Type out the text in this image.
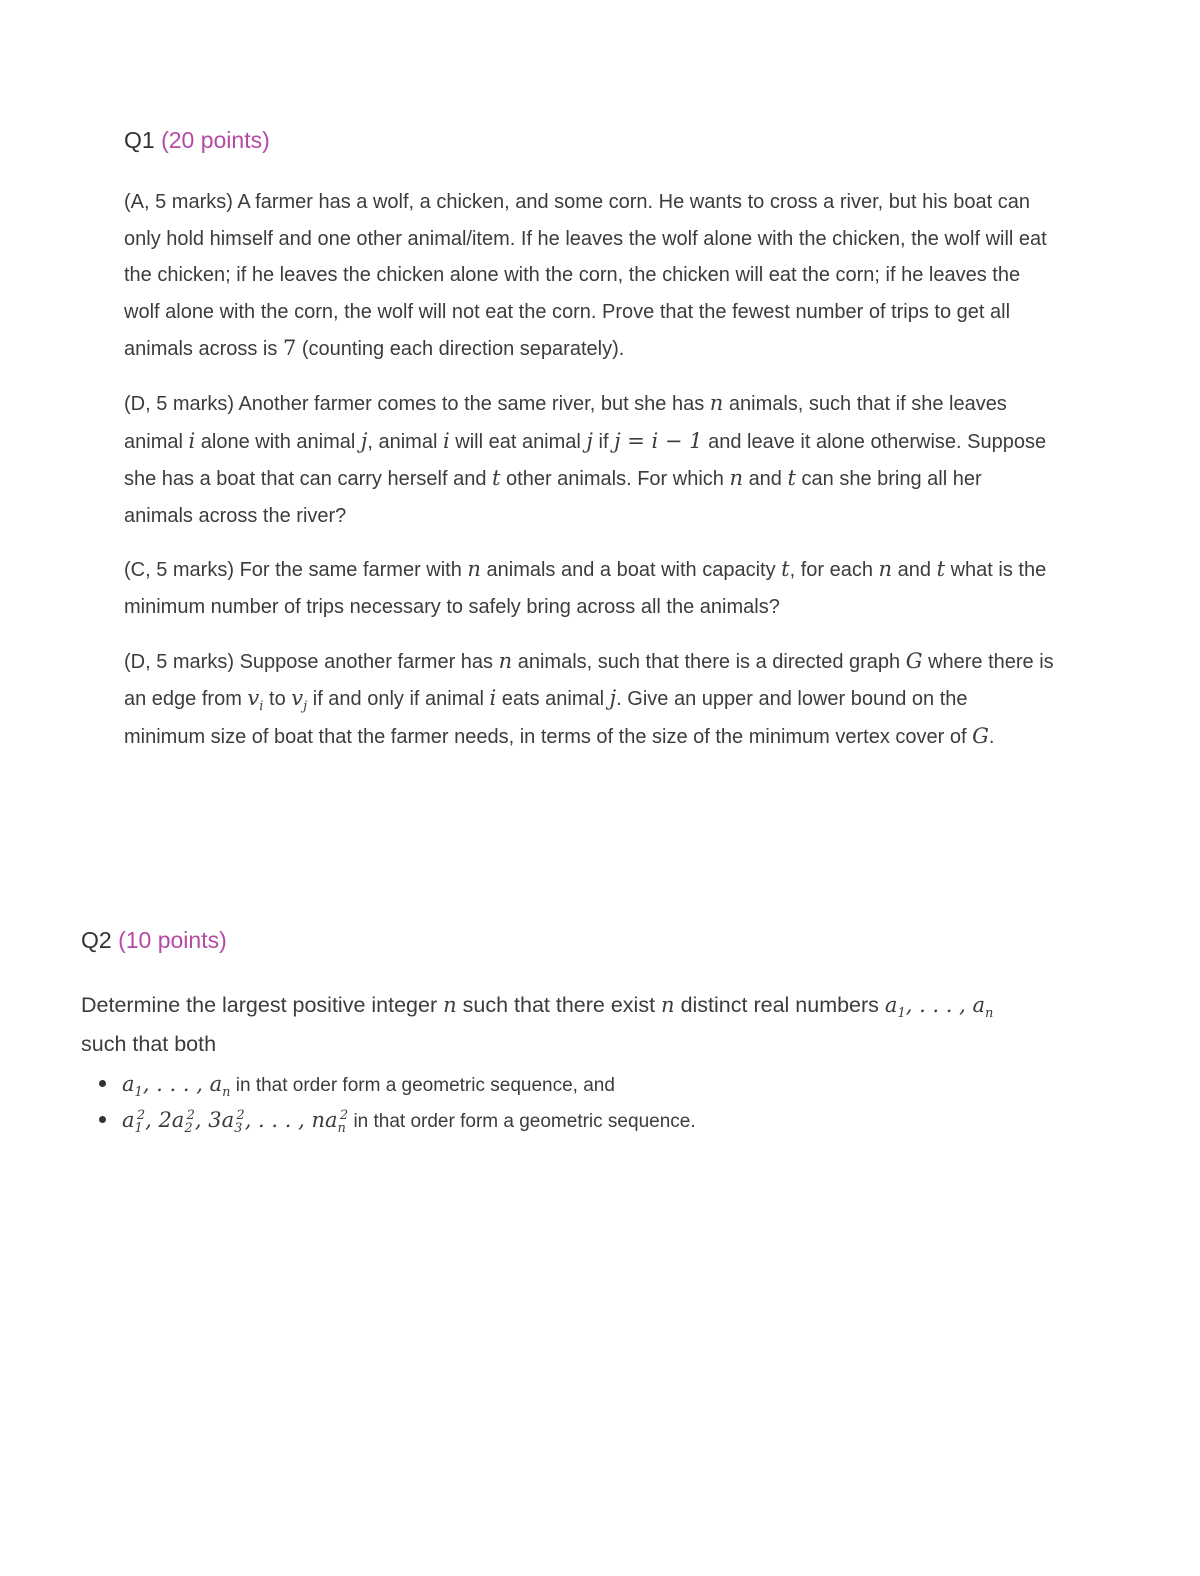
Q1 (20 points)

(A, 5 marks) A farmer has a wolf, a chicken, and some corn. He wants to cross a river, but his boat can only hold himself and one other animal/item. If he leaves the wolf alone with the chicken, the wolf will eat the chicken; if he leaves the chicken alone with the corn, the chicken will eat the corn; if he leaves the wolf alone with the corn, the wolf will not eat the corn. Prove that the fewest number of trips to get all animals across is 7 (counting each direction separately).

(D, 5 marks) Another farmer comes to the same river, but she has n animals, such that if she leaves animal i alone with animal j, animal i will eat animal j if j = i − 1 and leave it alone otherwise. Suppose she has a boat that can carry herself and t other animals. For which n and t can she bring all her animals across the river?

(C, 5 marks) For the same farmer with n animals and a boat with capacity t, for each n and t what is the minimum number of trips necessary to safely bring across all the animals?

(D, 5 marks) Suppose another farmer has n animals, such that there is a directed graph G where there is an edge from $v_i$ to $v_j$ if and only if animal i eats animal j. Give an upper and lower bound on the minimum size of boat that the farmer needs, in terms of the size of the minimum vertex cover of G.

Q2 (10 points)

Determine the largest positive integer n such that there exist n distinct real numbers $a_1$, . . . , $a_n$
such that both

$a_1$, . . . , $a_n$ in that order form a geometric sequence, and
$a_1^2$, $2a_2^2$, $3a_3^2$, . . . , $na_n^2$ in that order form a geometric sequence.
